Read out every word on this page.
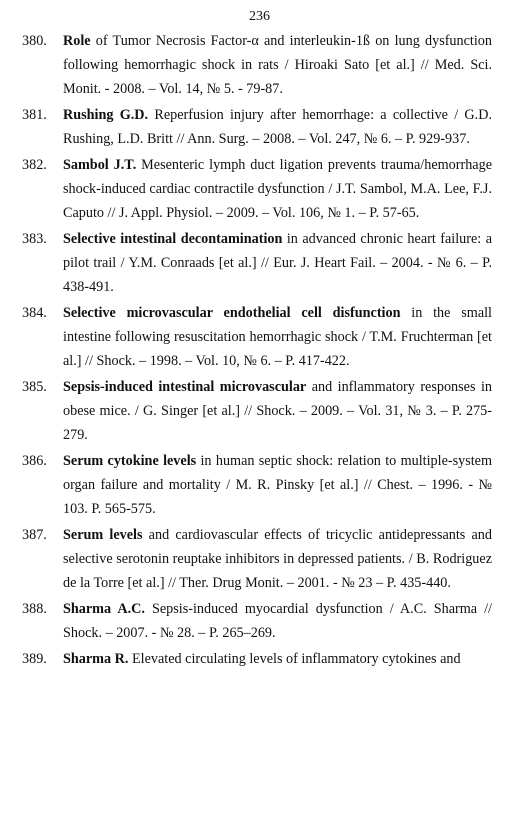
236
380. Role of Tumor Necrosis Factor-α and interleukin-1ß on lung dysfunction following hemorrhagic shock in rats / Hiroaki Sato [et al.] // Med. Sci. Monit. - 2008. – Vol. 14, № 5. - 79-87.
381. Rushing G.D. Reperfusion injury after hemorrhage: a collective / G.D. Rushing, L.D. Britt // Ann. Surg. – 2008. – Vol. 247, № 6. – P. 929-937.
382. Sambol J.T. Mesenteric lymph duct ligation prevents trauma/hemorrhage shock-induced cardiac contractile dysfunction / J.T. Sambol, M.A. Lee, F.J. Caputo // J. Appl. Physiol. – 2009. – Vol. 106, № 1. – P. 57-65.
383. Selective intestinal decontamination in advanced chronic heart failure: a pilot trail / Y.M. Conraads [et al.] // Eur. J. Heart Fail. – 2004. - № 6. – P. 438-491.
384. Selective microvascular endothelial cell disfunction in the small intestine following resuscitation hemorrhagic shock / T.M. Fruchterman [et al.] // Shock. – 1998. – Vol. 10, № 6. – P. 417-422.
385. Sepsis-induced intestinal microvascular and inflammatory responses in obese mice. / G. Singer [et al.] // Shock. – 2009. – Vol. 31, № 3. – P. 275-279.
386. Serum cytokine levels in human septic shock: relation to multiple-system organ failure and mortality / M. R. Pinsky [et al.] // Chest. – 1996. - № 103. P. 565-575.
387. Serum levels and cardiovascular effects of tricyclic antidepressants and selective serotonin reuptake inhibitors in depressed patients. / B. Rodriguez de la Torre [et al.] // Ther. Drug Monit. – 2001. - № 23 – P. 435-440.
388. Sharma A.C. Sepsis-induced myocardial dysfunction / A.C. Sharma // Shock. – 2007. - № 28. – P. 265–269.
389. Sharma R. Elevated circulating levels of inflammatory cytokines and
